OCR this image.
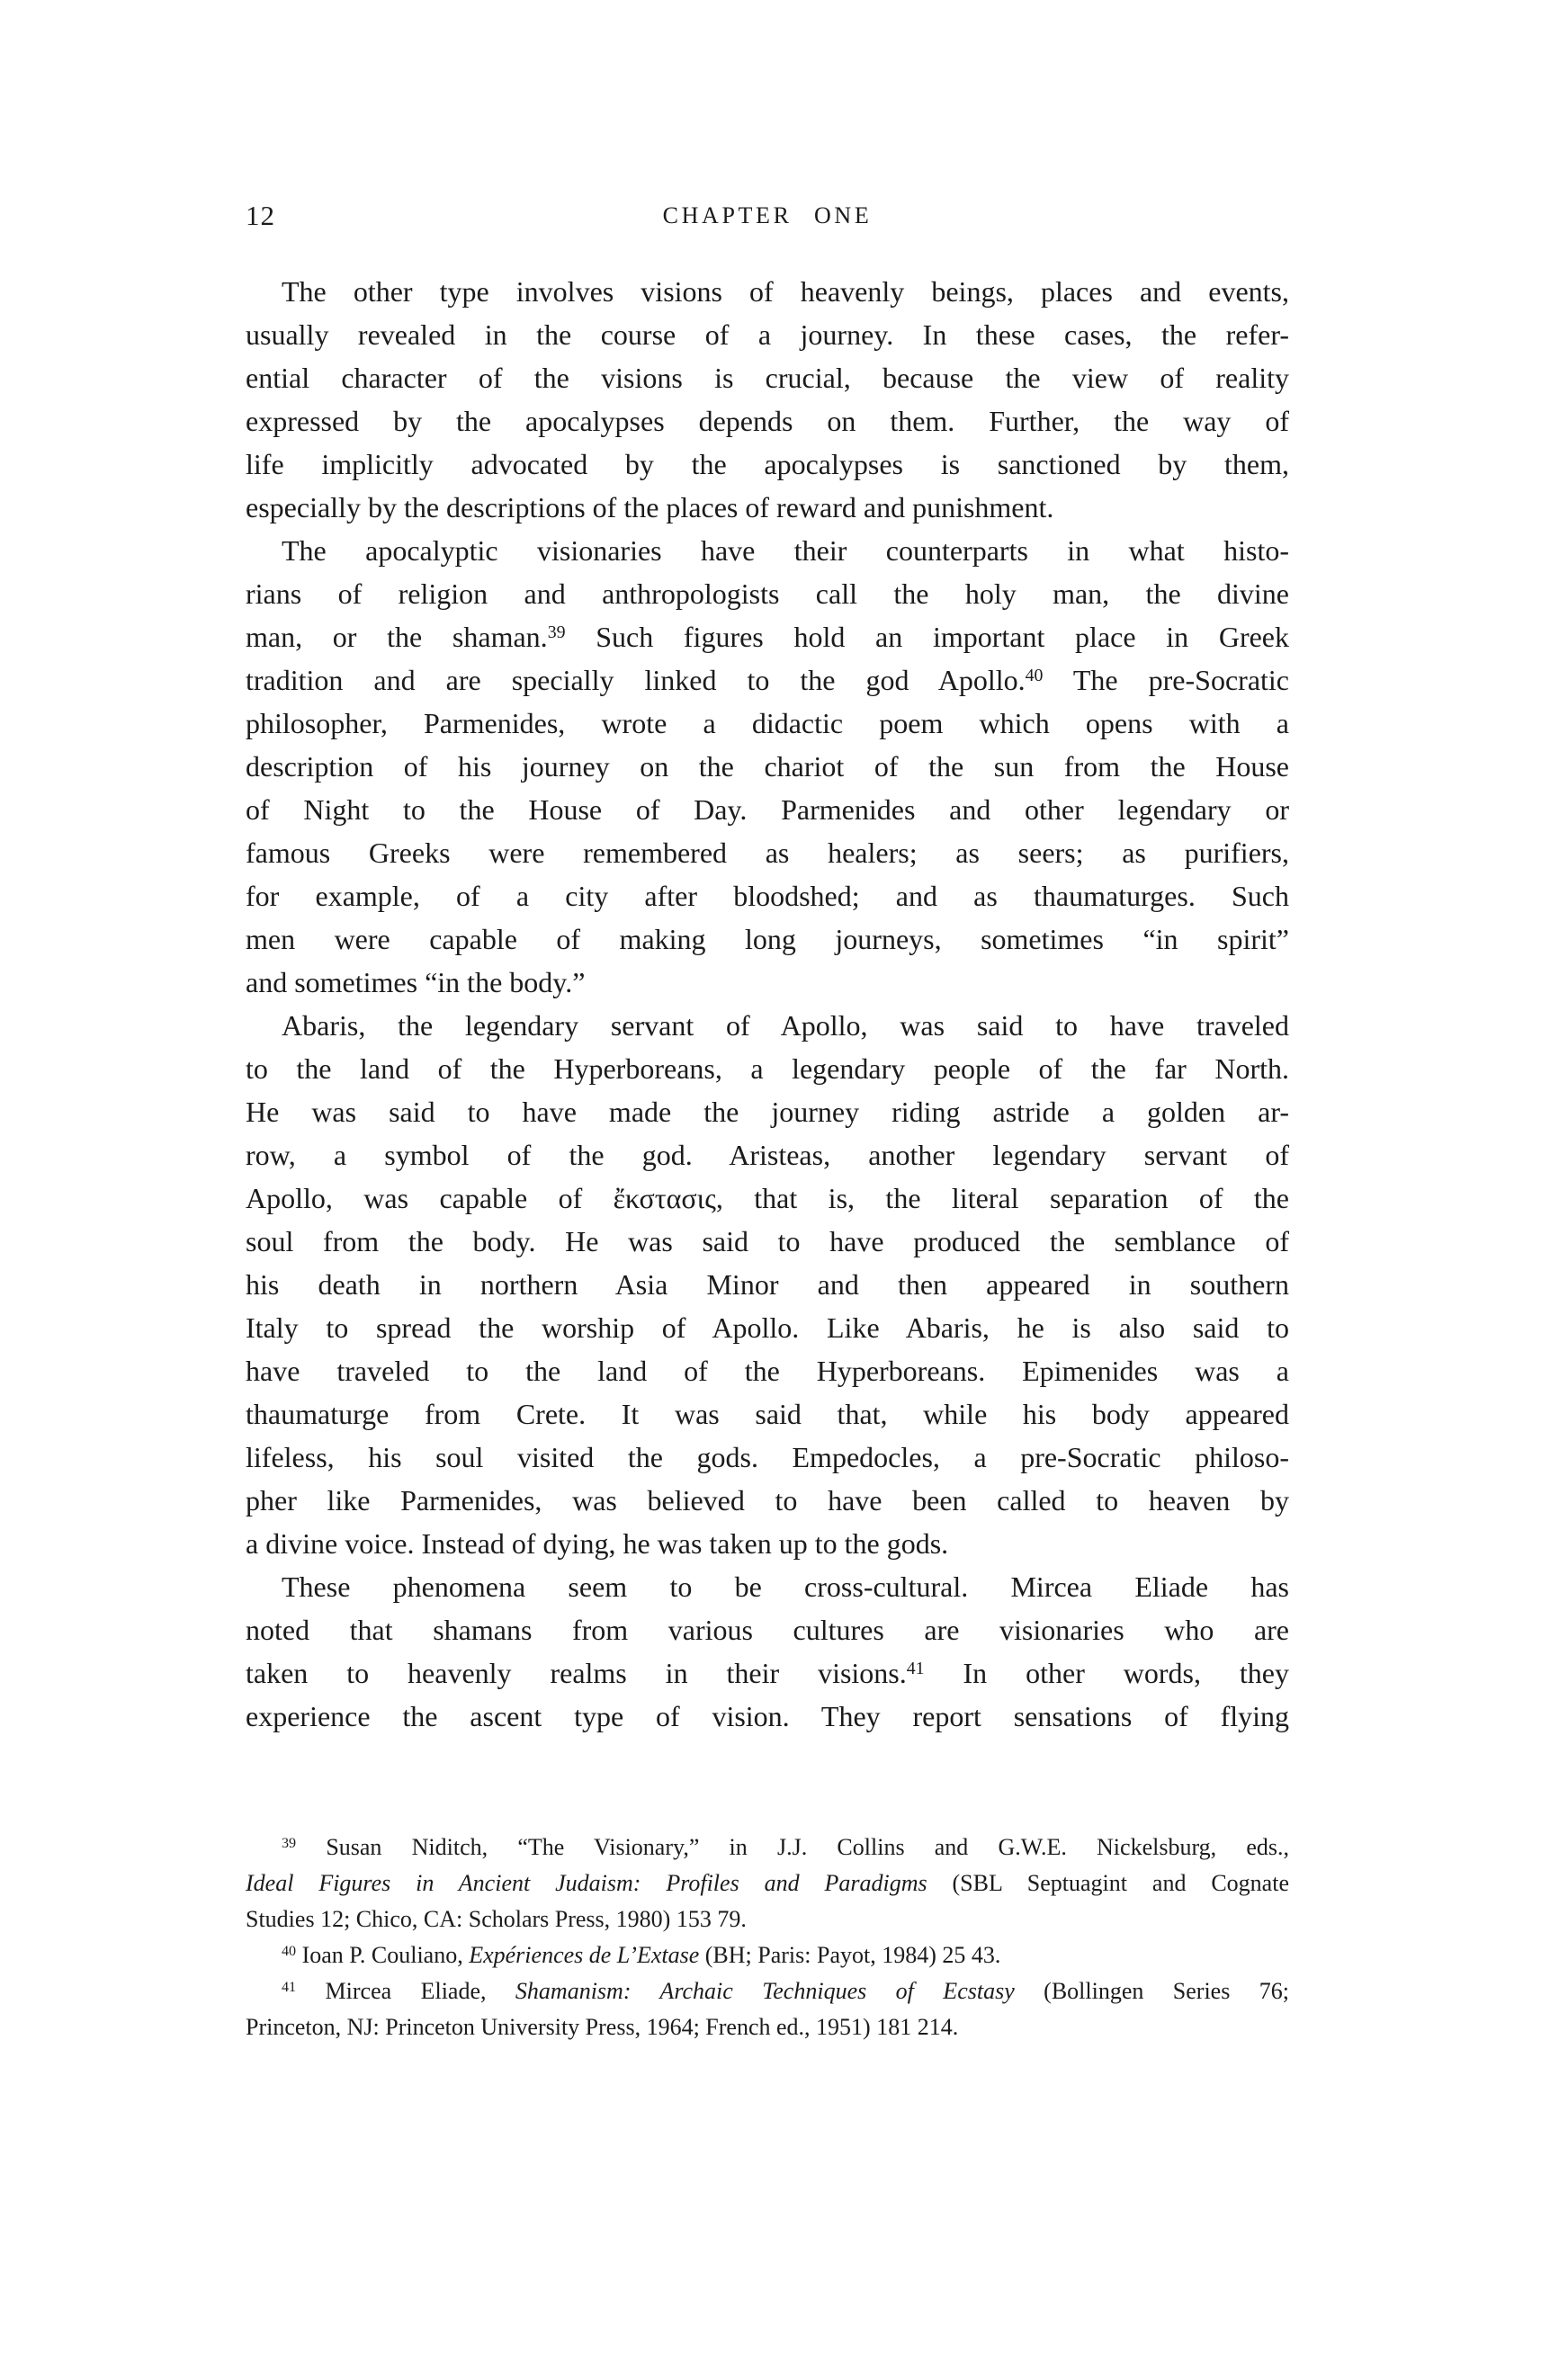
12	CHAPTER ONE
The other type involves visions of heavenly beings, places and events,
usually revealed in the course of a journey. In these cases, the refer-
ential character of the visions is crucial, because the view of reality
expressed by the apocalypses depends on them. Further, the way of
life implicitly advocated by the apocalypses is sanctioned by them,
especially by the descriptions of the places of reward and punishment.
The apocalyptic visionaries have their counterparts in what histo-
rians of religion and anthropologists call the holy man, the divine
man, or the shaman.$^{39}$ Such figures hold an important place in Greek
tradition and are specially linked to the god Apollo.$^{40}$ The pre-Socratic
philosopher, Parmenides, wrote a didactic poem which opens with a
description of his journey on the chariot of the sun from the House
of Night to the House of Day. Parmenides and other legendary or
famous Greeks were remembered as healers; as seers; as purifiers,
for example, of a city after bloodshed; and as thaumaturges. Such
men were capable of making long journeys, sometimes “in spirit”
and sometimes “in the body.”
Abaris, the legendary servant of Apollo, was said to have traveled
to the land of the Hyperboreans, a legendary people of the far North.
He was said to have made the journey riding astride a golden ar-
row, a symbol of the god. Aristeas, another legendary servant of
Apollo, was capable of ἔκστασις, that is, the literal separation of the
soul from the body. He was said to have produced the semblance of
his death in northern Asia Minor and then appeared in southern
Italy to spread the worship of Apollo. Like Abaris, he is also said to
have traveled to the land of the Hyperboreans. Epimenides was a
thaumaturge from Crete. It was said that, while his body appeared
lifeless, his soul visited the gods. Empedocles, a pre-Socratic philoso-
pher like Parmenides, was believed to have been called to heaven by
a divine voice. Instead of dying, he was taken up to the gods.
These phenomena seem to be cross-cultural. Mircea Eliade has
noted that shamans from various cultures are visionaries who are
taken to heavenly realms in their visions.$^{41}$ In other words, they
experience the ascent type of vision. They report sensations of flying
$^{39}$ Susan Niditch, “The Visionary,” in J.J. Collins and G.W.E. Nickelsburg, eds.,
Ideal Figures in Ancient Judaism: Profiles and Paradigms (SBL Septuagint and Cognate
Studies 12; Chico, CA: Scholars Press, 1980) 153 79.
$^{40}$ Ioan P. Couliano, Expériences de L’Extase (BH; Paris: Payot, 1984) 25 43.
$^{41}$ Mircea Eliade, Shamanism: Archaic Techniques of Ecstasy (Bollingen Series 76;
Princeton, NJ: Princeton University Press, 1964; French ed., 1951) 181 214.
